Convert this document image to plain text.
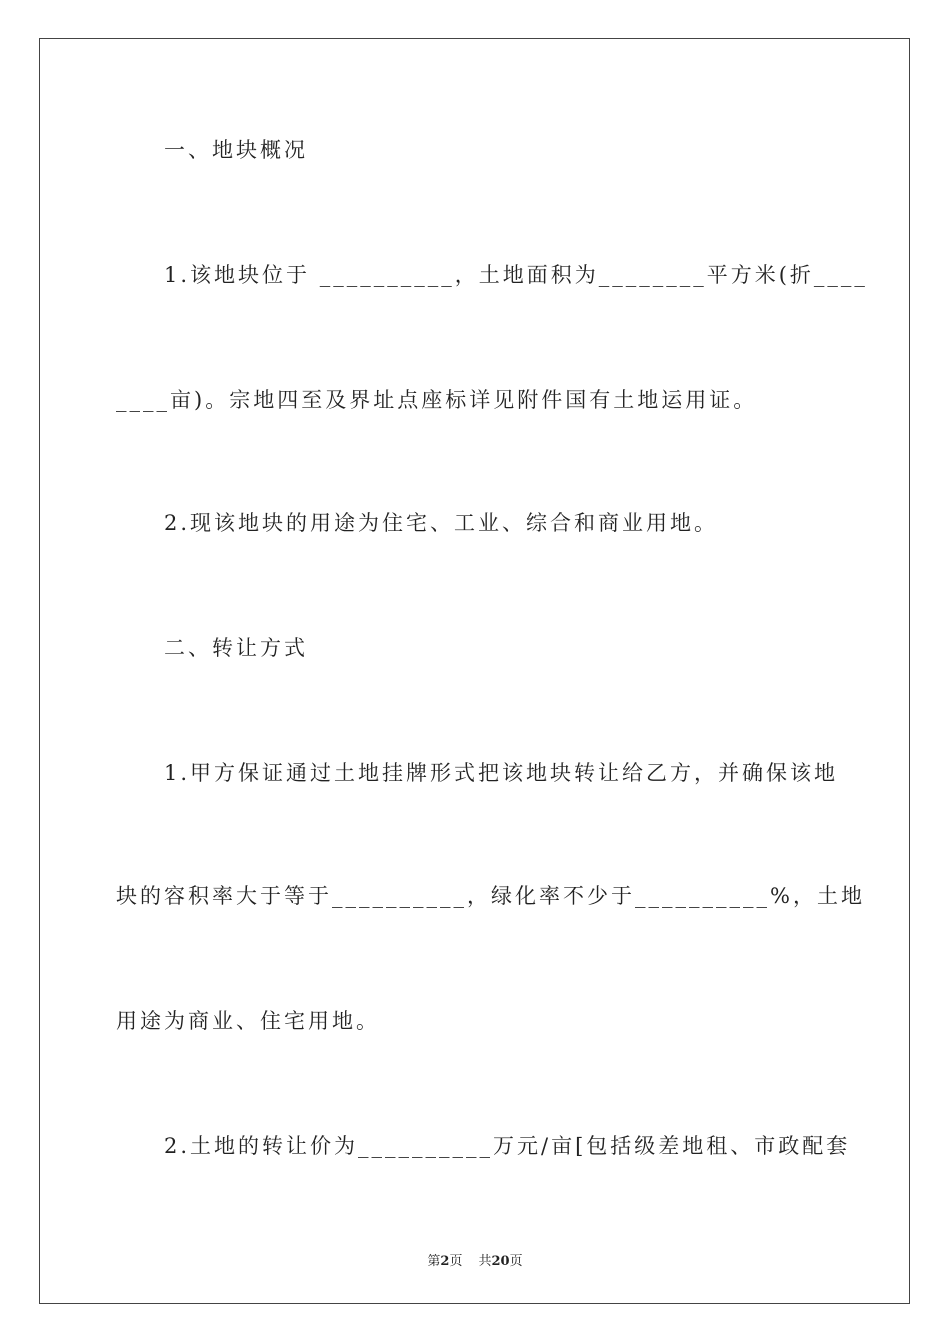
一、地块概况
1.该地块位于 __________，土地面积为________平方米(折____
____亩)。宗地四至及界址点座标详见附件国有土地运用证。
2.现该地块的用途为住宅、工业、综合和商业用地。
二、转让方式
1.甲方保证通过土地挂牌形式把该地块转让给乙方，并确保该地
块的容积率大于等于__________，绿化率不少于__________%，土地
用途为商业、住宅用地。
2.土地的转让价为__________万元/亩[包括级差地租、市政配套
第2页 共20页
